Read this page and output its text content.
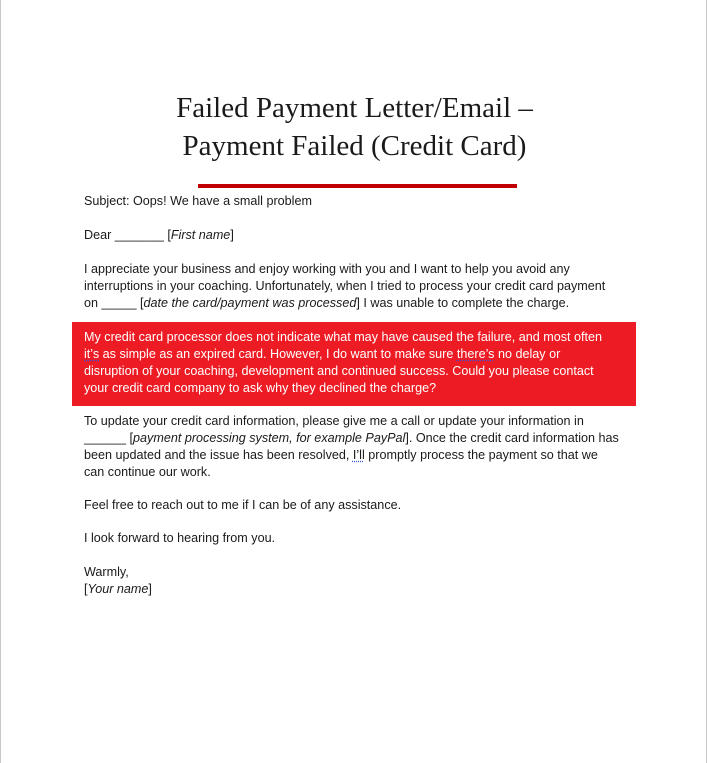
Failed Payment Letter/Email –
Payment Failed (Credit Card)
Subject: Oops! We have a small problem
Dear _______ [First name]
I appreciate your business and enjoy working with you and I want to help you avoid any
interruptions in your coaching. Unfortunately, when I tried to process your credit card payment
on _____ [date the card/payment was processed] I was unable to complete the charge.
My credit card processor does not indicate what may have caused the failure, and most often
it’s as simple as an expired card. However, I do want to make sure there’s no delay or
disruption of your coaching, development and continued success. Could you please contact
your credit card company to ask why they declined the charge?
To update your credit card information, please give me a call or update your information in
______ [payment processing system, for example PayPal]. Once the credit card information has
been updated and the issue has been resolved, I’ll promptly process the payment so that we
can continue our work.
Feel free to reach out to me if I can be of any assistance.
I look forward to hearing from you.
Warmly,
[Your name]
